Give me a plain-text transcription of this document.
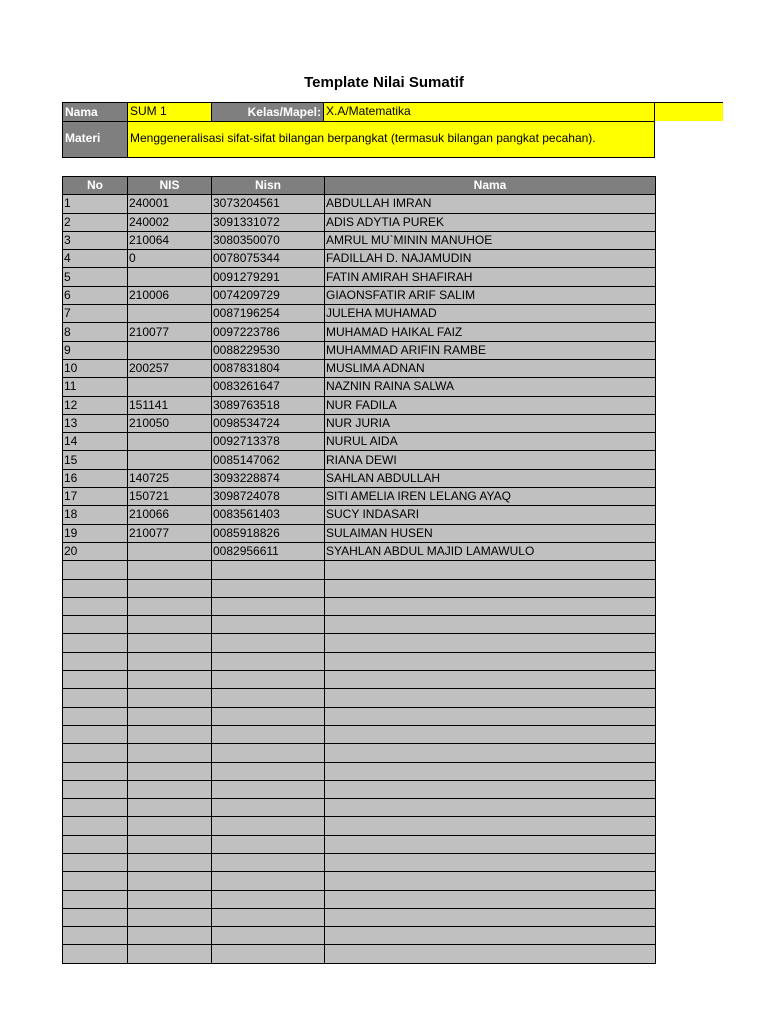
Template Nilai Sumatif
Nama	SUM 1	Kelas/Mapel: X.A/Matematika
Materi	Menggeneralisasi sifat-sifat bilangan berpangkat (termasuk bilangan pangkat pecahan).
No	NIS	Nisn	Nama
1	240001	3073204561	ABDULLAH IMRAN
2	240002	3091331072	ADIS ADYTIA PUREK
3	210064	3080350070	AMRUL MU`MININ MANUHOE
4	0	0078075344	FADILLAH D. NAJAMUDIN
5		0091279291	FATIN AMIRAH SHAFIRAH
6	210006	0074209729	GIAONSFATIR ARIF SALIM
7		0087196254	JULEHA MUHAMAD
8	210077	0097223786	MUHAMAD HAIKAL FAIZ
9		0088229530	MUHAMMAD ARIFIN RAMBE
10	200257	0087831804	MUSLIMA ADNAN
11		0083261647	NAZNIN RAINA SALWA
12	151141	3089763518	NUR FADILA
13	210050	0098534724	NUR JURIA
14		0092713378	NURUL AIDA
15		0085147062	RIANA DEWI
16	140725	3093228874	SAHLAN ABDULLAH
17	150721	3098724078	SITI AMELIA IREN LELANG AYAQ
18	210066	0083561403	SUCY INDASARI
19	210077	0085918826	SULAIMAN HUSEN
20		0082956611	SYAHLAN ABDUL MAJID LAMAWULO
